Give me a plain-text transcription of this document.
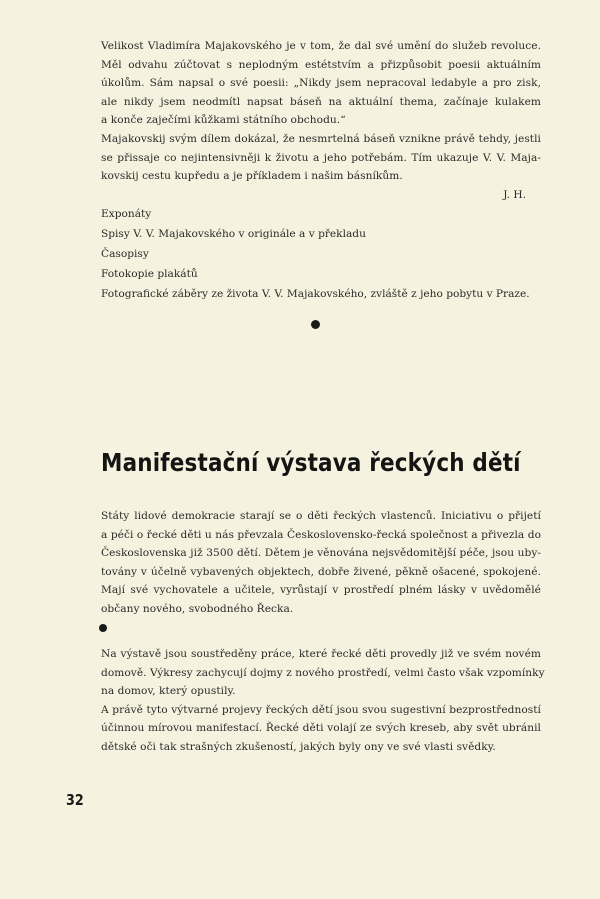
Velikost Vladimíra Majakovského je v tom, že dal své umění do služeb revoluce.
Měl odvahu zúčtovat s neplodným estétstvím a přizpůsobit poesii aktuálním
úkolům. Sám napsal o své poesii: „Nikdy jsem nepracoval ledabyle a pro zisk,
ale nikdy jsem neodmítl napsat báseň na aktuální thema, začínaje kulakem
a konče zaječími kůžkami státního obchodu.“

Majakovskij svým dílem dokázal, že nesmrtelná báseň vznikne právě tehdy, jestli
se přissaje co nejintensivněji k životu a jeho potřebám. Tím ukazuje V. V. Maja-
kovskij cestu kupředu a je příkladem i našim básníkům.

J. H.

Exponáty
Spisy V. V. Majakovského v originále a v překladu
Časopisy
Fotokopie plakátů
Fotografické záběry ze života V. V. Majakovského, zvláště z jeho pobytu v Praze.
Manifestační výstava řeckých dětí

Státy lidové demokracie starají se o děti řeckých vlastenců. Iniciativu o přijetí
a péči o řecké děti u nás převzala Československo-řecká společnost a přivezla do
Československa již 3500 dětí. Dětem je věnována nejsvědomitější péče, jsou uby-
továny v účelně vybavených objektech, dobře živené, pěkně ošacené, spokojené.
Mají své vychovatele a učitele, vyrůstají v prostředí plném lásky v uvědomělé
občany nového, svobodného Řecka.

Na výstavě jsou soustředěny práce, které řecké děti provedly již ve svém novém
domově. Výkresy zachycují dojmy z nového prostředí, velmi často však vzpomínky
na domov, který opustily.

A právě tyto výtvarné projevy řeckých dětí jsou svou sugestivní bezprostředností
účinnou mírovou manifestací. Řecké děti volají ze svých kreseb, aby svět ubránil
dětské oči tak strašných zkušeností, jakých byly ony ve své vlasti svědky.

32
